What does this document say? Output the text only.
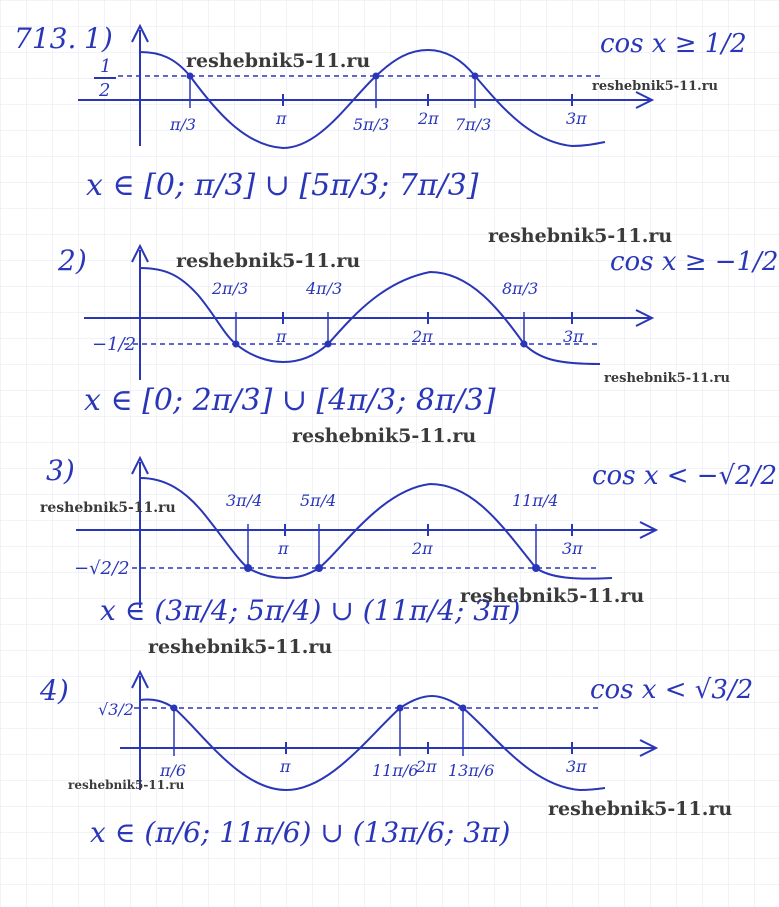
713. 1)	cos x ≥ 1/2
1
2
π/3	π	5π/3 2π 7π/3	3π
x ∈ [0; π/3] ∪ [5π/3; 7π/3]
reshebnik5-11.ru
reshebnik5-11.ru
2)	cos x ≥ −1/2
−1/2
2π/3	4π/3	8π/3
π	2π	3π
x ∈ [0; 2π/3] ∪ [4π/3; 8π/3]
reshebnik5-11.ru
reshebnik5-11.ru
reshebnik5-11.ru
reshebnik5-11.ru
3)	cos x < −√2/2
−√2/2
3π/4 5π/4	11π/4
π	2π	3π
x ∈ (3π/4; 5π/4) ∪ (11π/4; 3π)
reshebnik5-11.ru
reshebnik5-11.ru
reshebnik5-11.ru
4)	cos x < √3/2
√3/2
π/6	π	11π/6
2π 13π/6	3π
x ∈ (π/6; 11π/6) ∪ (13π/6; 3π)
reshebnik5-11.ru
reshebnik5-11.ru
